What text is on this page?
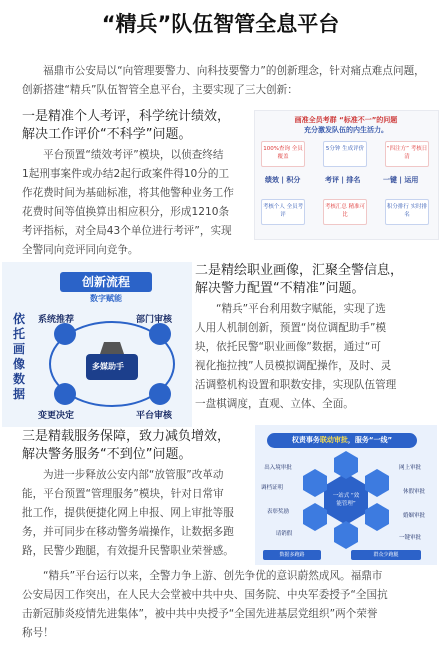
“精兵”队伍智管全息平台
福鼎市公安局以“向管理要警力、向科技要警力”的创新理念，针对痛点难点问题，创新搭建“精兵”队伍智管全息平台，主要实现了三大创新：
一是精准个人考评，科学统计绩效，
解决工作评价“不科学”问题。
平台预置“绩效考评”模块，以侦查终结
1起刑事案件或办结2起行政案件得10分的工
作花费时间为基础标准，将其他警种业务工作
花费时间等值换算出相应积分，形成1210条
考评指标，对全局43个单位进行考评”，实现
全警同向竞评同向竞争。
画准全员考群 “标准不一”的问题
充分激发队伍的内生活力。
100%查询 全员覆盖
5分钟 生成评价	“四注方” 考核日清
绩效 | 积分	考评 | 排名	一键 | 运用
考核个人 全员考评
考核汇总 精准可比
积分排行 实时排名
创新流程
数字赋能
依托画像数据
系统推荐	部门审核
变更决定	平台审核
多媒助手
二是精绘职业画像，汇聚全警信息，
解决警力配置“不精准”问题。
“精兵”平台利用数字赋能，实现了选
人用人机制创新，预置“岗位调配助手”模
块，依托民警“职业画像”数据，通过“可
视化拖拉拽”人员模拟调配操作，及时、灵
活调整机构设置和职数安排，实现队伍管理
一盘棋调度，直观、立体、全面。
三是精载服务保障，致力减负增效，
解决警务服务“不到位”问题。
为进一步释放公安内部“放管服”改革动
能，平台预置“管理服务”模块，针对日常审
批工作，提供便捷化网上申报、网上审批等服
务，并可同步在移动警务端操作，让数据多跑
路，民警少跑腿，有效提升民警职业荣誉感。
权责事务联动审批，服务“一线”
出入境审批
调档证明
网上审批
休假审批
表彰奖励
婚姻审批
请销假
一键审批
一站式 “效能管理”
数据多跑路	群众少跑腿
“精兵”平台运行以来，全警力争上游、创先争优的意识蔚然成风。福鼎市
公安局因工作突出，在人民大会堂被中共中央、国务院、中央军委授予“全国抗
击新冠肺炎疫情先进集体”，被中共中央授予“全国先进基层党组织”两个荣誉
称号！
